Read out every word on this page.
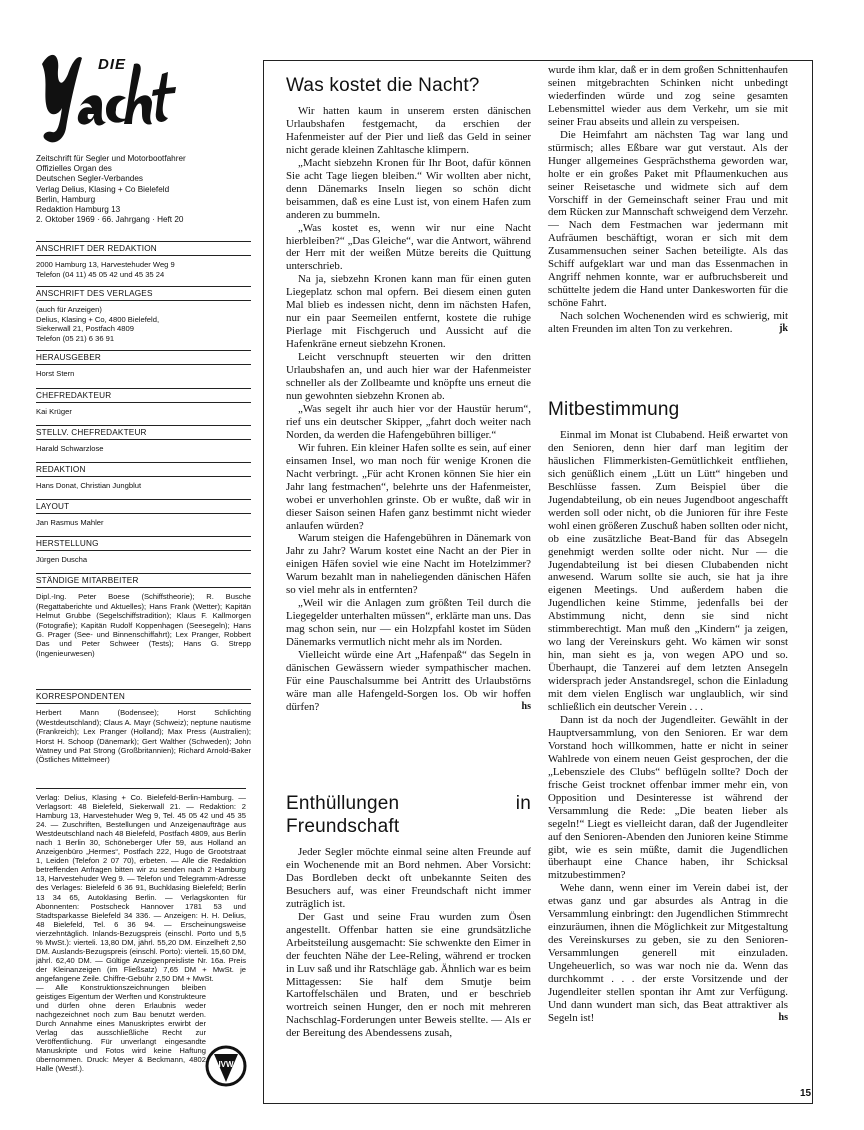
DIE
Zeitschrift für Segler und Motorbootfahrer
Offizielles Organ des
Deutschen Segler-Verbandes
Verlag Delius, Klasing + Co Bielefeld
Berlin, Hamburg
Redaktion Hamburg 13
2. Oktober 1969 · 66. Jahrgang · Heft 20
ANSCHRIFT DER REDAKTION
2000 Hamburg 13, Harvestehuder Weg 9
Telefon (04 11) 45 05 42 und 45 35 24
ANSCHRIFT DES VERLAGES
(auch für Anzeigen)
Delius, Klasing + Co, 4800 Bielefeld,
Siekerwall 21, Postfach 4809
Telefon (05 21) 6 36 91
HERAUSGEBER
Horst Stern
CHEFREDAKTEUR
Kai Krüger
STELLV. CHEFREDAKTEUR
Harald Schwarzlose
REDAKTION
Hans Donat, Christian Jungblut
LAYOUT
Jan Rasmus Mahler
HERSTELLUNG
Jürgen Duscha
STÄNDIGE MITARBEITER
Dipl.-Ing. Peter Boese (Schiffstheorie); R. Busche (Regattaberichte und Aktuelles); Hans Frank (Wetter); Kapitän Helmut Grubbe (Segelschiffstradition); Klaus F. Kallmorgen (Fotografie); Kapitän Rudolf Koppenhagen (Seesegeln); Hans G. Prager (See- und Binnenschiffahrt); Lex Pranger, Robbert Das und Peter Schweer (Tests); Hans G. Strepp (Ingenieurwesen)
KORRESPONDENTEN
Herbert Mann (Bodensee); Horst Schlichting (Westdeutschland); Claus A. Mayr (Schweiz); neptune nautisme (Frankreich); Lex Pranger (Holland); Max Press (Australien); Horst H. Schoop (Dänemark); Gert Walther (Schweden); John Watney und Pat Strong (Großbritannien); Richard Arnold-Baker (Östliches Mittelmeer)
Verlag: Delius, Klasing + Co. Bielefeld-Berlin-Hamburg. — Verlagsort: 48 Bielefeld, Siekerwall 21. — Redaktion: 2 Hamburg 13, Harvestehuder Weg 9, Tel. 45 05 42 und 45 35 24. — Zuschriften, Bestellungen und Anzeigenaufträge aus Westdeutschland nach 48 Bielefeld, Postfach 4809, aus Berlin nach 1 Berlin 30, Schöneberger Ufer 59, aus Holland an Anzeigenbüro „Hermes“, Postfach 222, Hugo de Grootstraat 1, Leiden (Telefon 2 07 70), erbeten. — Alle die Redaktion betreffenden Anfragen bitten wir zu senden nach 2 Hamburg 13, Harvestehuder Weg 9. — Telefon und Telegramm-Adresse des Verlages: Bielefeld 6 36 91, Buchklasing Bielefeld; Berlin 13 34 65, Autoklasing Berlin. — Verlagskonten für Abonnenten: Postscheck Hannover 1781 53 und Stadtsparkasse Bielefeld 34 336. — Anzeigen: H. H. Delius, 48 Bielefeld, Tel. 6 36 94. — Erscheinungsweise vierzehntäglich. Inlands-Bezugspreis (einschl. Porto und 5,5 % MwSt.): vierteli. 13,80 DM, jährl. 55,20 DM. Einzelheft 2,50 DM. Auslands-Bezugspreis (einschl. Porto): vierteli. 15,60 DM, jährl. 62,40 DM. — Gültige Anzeigenpreisliste Nr. 16a. Preis der Kleinanzeigen (im Fließsatz) 7,65 DM + MwSt. je angefangene Zeile. Chiffre-Gebühr 2,50 DM + MwSt.
— Alle Konstruktionszeichnungen bleiben geistiges Eigentum der Werften und Konstrukteure und dürfen ohne deren Erlaubnis weder nachgezeichnet noch zum Bau benutzt werden. Durch Annahme eines Manuskriptes erwirbt der Verlag das ausschließliche Recht zur Veröffentlichung. Für unverlangt eingesandte Manuskripte und Fotos wird keine Haftung übernommen. Druck: Meyer & Beckmann, 4802 Halle (Westf.).	IVW
Was kostet die Nacht?

Wir hatten kaum in unserem ersten dänischen Urlaubshafen festgemacht, da erschien der Hafenmeister auf der Pier und ließ das Geld in seiner nicht gerade kleinen Zahltasche klimpern.

„Macht siebzehn Kronen für Ihr Boot, dafür können Sie acht Tage liegen bleiben.“ Wir wollten aber nicht, denn Dänemarks Inseln liegen so schön dicht beisammen, daß es eine Lust ist, von einem Hafen zum anderen zu bummeln.

„Was kostet es, wenn wir nur eine Nacht hierbleiben?“ „Das Gleiche“, war die Antwort, während der Herr mit der weißen Mütze bereits die Quittung unterschrieb.

Na ja, siebzehn Kronen kann man für einen guten Liegeplatz schon mal opfern. Bei diesem einen guten Mal blieb es indessen nicht, denn im nächsten Hafen, nur ein paar Seemeilen entfernt, kostete die ruhige Pierlage mit Fischgeruch und Aussicht auf die Hafenkräne erneut siebzehn Kronen.

Leicht verschnupft steuerten wir den dritten Urlaubshafen an, und auch hier war der Hafenmeister schneller als der Zollbeamte und knöpfte uns erneut die nun gewohnten siebzehn Kronen ab.

„Was segelt ihr auch hier vor der Haustür herum“, rief uns ein deutscher Skipper, „fahrt doch weiter nach Norden, da werden die Hafengebühren billiger.“

Wir fuhren. Ein kleiner Hafen sollte es sein, auf einer einsamen Insel, wo man noch für wenige Kronen die Nacht verbringt. „Für acht Kronen können Sie hier ein Jahr lang festmachen“, belehrte uns der Hafenmeister, wobei er unverhohlen grinste. Ob er wußte, daß wir in dieser Saison seinen Hafen ganz bestimmt nicht wieder anlaufen würden?

Warum steigen die Hafengebühren in Dänemark von Jahr zu Jahr? Warum kostet eine Nacht an der Pier in einigen Häfen soviel wie eine Nacht im Hotelzimmer? Warum bezahlt man in naheliegenden dänischen Häfen so viel mehr als in entfernten?

„Weil wir die Anlagen zum größten Teil durch die Liegegelder unterhalten müssen“, erklärte man uns. Das mag schon sein, nur — ein Holzpfahl kostet im Süden Dänemarks vermutlich nicht mehr als im Norden.

Vielleicht würde eine Art „Hafenpaß“ das Segeln in dänischen Gewässern wieder sympathischer machen. Für eine Pauschalsumme bei Antritt des Urlaubstörns wäre man alle Hafengeld-Sorgen los. Ob wir hoffen dürfen?	hs

Enthüllungen in Freundschaft

Jeder Segler möchte einmal seine alten Freunde auf ein Wochenende mit an Bord nehmen. Aber Vorsicht: Das Bordleben deckt oft unbekannte Seiten des Besuchers auf, was einer Freundschaft nicht immer zuträglich ist.

Der Gast und seine Frau wurden zum Ösen angestellt. Offenbar hatten sie eine grundsätzliche Arbeitsteilung ausgemacht: Sie schwenkte den Eimer in der feuchten Nähe der Lee-Reling, während er trocken in Luv saß und ihr Ratschläge gab. Ähnlich war es beim Mittagessen: Sie half dem Smutje beim Kartoffelschälen und Braten, und er beschrieb wortreich seinen Hunger, den er noch mit mehreren Nachschlag-Forderungen unter Beweis stellte. — Als er der Bereitung des Abendessens zusah,

wurde ihm klar, daß er in dem großen Schnittenhaufen seinen mitgebrachten Schinken nicht unbedingt wiederfinden würde und zog seine gesamten Lebensmittel wieder aus dem Verkehr, um sie mit seiner Frau abseits und allein zu verspeisen.

Die Heimfahrt am nächsten Tag war lang und stürmisch; alles Eßbare war gut verstaut. Als der Hunger allgemeines Gesprächsthema geworden war, holte er ein großes Paket mit Pflaumenkuchen aus seiner Reisetasche und widmete sich auf dem Vorschiff in der Gemeinschaft seiner Frau und mit dem Rücken zur Mannschaft schweigend dem Verzehr. — Nach dem Festmachen war jedermann mit Aufräumen beschäftigt, woran er sich mit dem Zusammensuchen seiner Sachen beteiligte. Als das Schiff aufgeklart war und man das Essenmachen in Angriff nehmen konnte, war er aufbruchsbereit und schüttelte jedem die Hand unter Dankesworten für die schöne Fahrt.

Nach solchen Wochenenden wird es schwierig, mit alten Freunden im alten Ton zu verkehren.	jk

Mitbestimmung

Einmal im Monat ist Clubabend. Heiß erwartet von den Senioren, denn hier darf man legitim der häuslichen Flimmerkisten-Gemütlichkeit entfliehen, sich genüßlich einem „Lütt un Lütt“ hingeben und Beschlüsse fassen. Zum Beispiel über die Jugendabteilung, ob ein neues Jugendboot angeschafft werden soll oder nicht, ob die Junioren für ihre Feste wohl einen größeren Zuschuß haben sollten oder nicht, ob eine zusätzliche Beat-Band für das Absegeln genehmigt werden sollte oder nicht. Nur — die Jugendabteilung ist bei diesen Clubabenden nicht anwesend. Warum sollte sie auch, sie hat ja ihre eigenen Meetings. Und außerdem haben die Jugendlichen keine Stimme, jedenfalls bei der Abstimmung nicht, denn sie sind nicht stimmberechtigt. Man muß den „Kindern“ ja zeigen, wo lang der Vereinskurs geht. Wo kämen wir sonst hin, man sieht es ja, von wegen APO und so. Überhaupt, die Tanzerei auf dem letzten Ansegeln widersprach jeder Anstandsregel, schon die Einladung mit dem vielen Englisch war unglaublich, wir sind schließlich ein deutscher Verein . . .

Dann ist da noch der Jugendleiter. Gewählt in der Hauptversammlung, von den Senioren. Er war dem Vorstand hoch willkommen, hatte er nicht in seiner Wahlrede von einem neuen Geist gesprochen, der die „Lebensziele des Clubs“ beflügeln sollte? Doch der frische Geist trocknet offenbar immer mehr ein, von Opposition und Desinteresse ist während der Versammlung die Rede: „Die beaten lieber als segeln!“ Liegt es vielleicht daran, daß der Jugendleiter auf den Senioren-Abenden den Junioren keine Stimme gibt, wie es sein müßte, damit die Jugendlichen überhaupt eine Chance haben, ihr Schicksal mitzubestimmen?

Wehe dann, wenn einer im Verein dabei ist, der etwas ganz und gar absurdes als Antrag in die Versammlung einbringt: den Jugendlichen Stimmrecht einzuräumen, ihnen die Möglichkeit zur Mitgestaltung des Vereinskurses zu geben, sie zu den Senioren-Versammlungen generell mit einzuladen. Ungeheuerlich, so was war noch nie da. Wenn das durchkommt . . . der erste Vorsitzende und der Jugendleiter stellen spontan ihr Amt zur Verfügung. Und dann wundert man sich, das Beat attraktiver als Segeln ist!	hs

15
